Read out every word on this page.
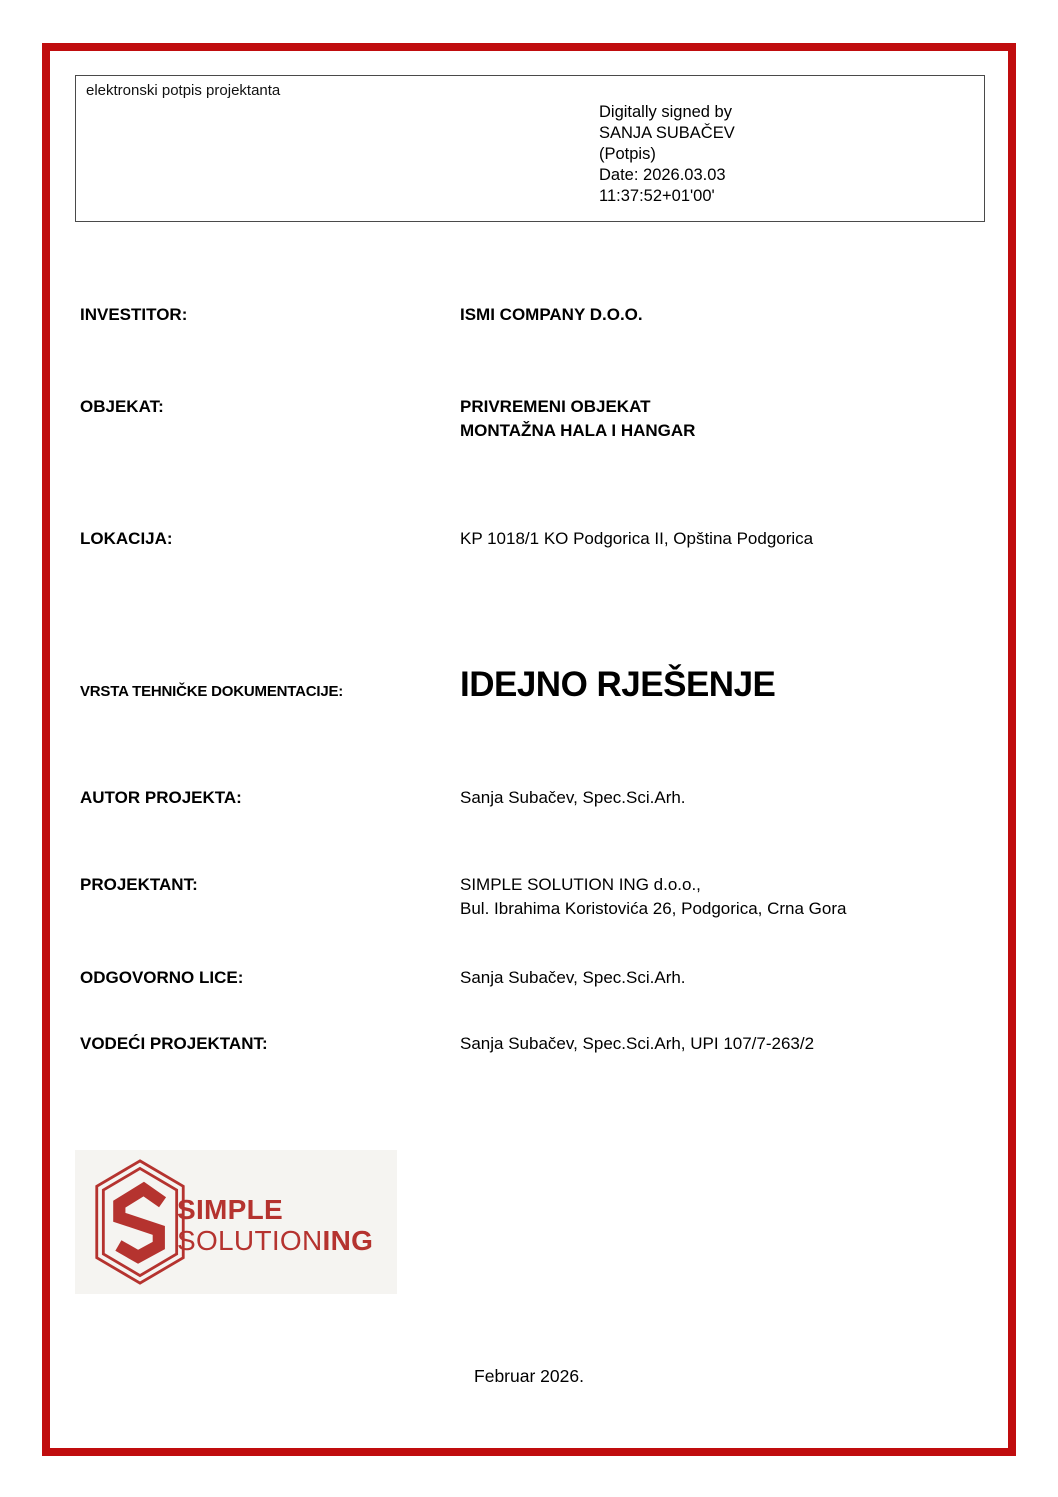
elektronski potpis projektanta
Digitally signed by
SANJA SUBAČEV
(Potpis)
Date: 2026.03.03
11:37:52+01'00'
INVESTITOR:	ISMI COMPANY D.O.O.
OBJEKAT:	PRIVREMENI OBJEKAT
MONTAŽNA HALA I HANGAR
LOKACIJA:	KP 1018/1 KO Podgorica II, Opština Podgorica
VRSTA TEHNIČKE DOKUMENTACIJE:	IDEJNO RJEŠENJE
AUTOR PROJEKTA:	Sanja Subačev, Spec.Sci.Arh.
PROJEKTANT:	SIMPLE SOLUTION ING d.o.o.,
Bul. Ibrahima Koristovića 26, Podgorica, Crna Gora
ODGOVORNO LICE:	Sanja Subačev, Spec.Sci.Arh.
VODEĆI PROJEKTANT:	Sanja Subačev, Spec.Sci.Arh, UPI 107/7-263/2
SIMPLE
SOLUTIONING
Februar 2026.
